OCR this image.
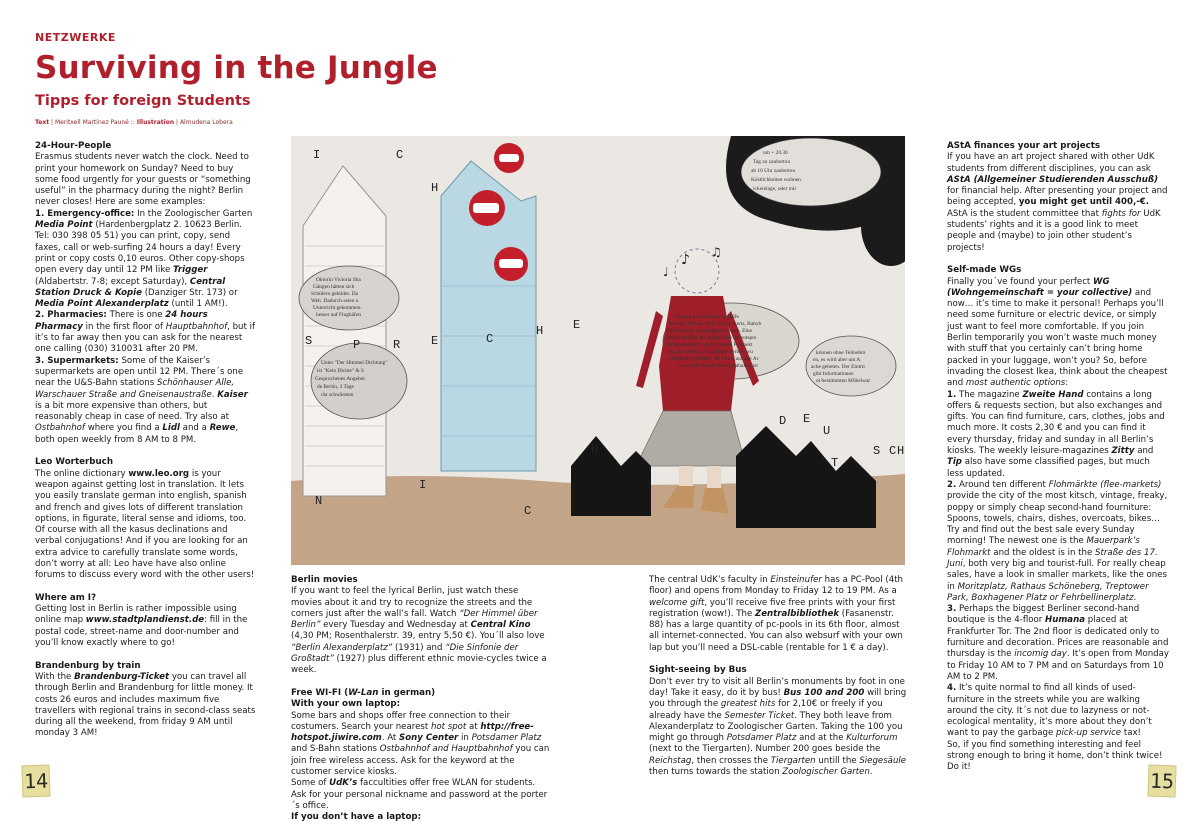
NETZWERKE
Surviving in the Jungle
Tipps for foreign Students
Text | Meritxell Martínez Pauné :: Illustration | Almudena Lobera
24-Hour-People

Erasmus students never watch the clock. Need to print your homework on Sunday? Need to buy some food urgently for your guests or “something useful” in the pharmacy during the night? Berlin never closes! Here are some examples:

1. Emergency-office: In the Zoologischer Garten Media Point (Hardenbergplatz 2. 10623 Berlin. Tel: 030 398 05 51) you can print, copy, send faxes, call or web-surfing 24 hours a day! Every print or copy costs 0,10 euros. Other copy-shops open every day until 12 PM like Trigger (Aldabertstr. 7-8; except Saturday), Central Station Druck & Kopie (Danziger Str. 173) or Media Point Alexanderplatz (until 1 AM!).

2. Pharmacies: There is one 24 hours Pharmacy in the first floor of Hauptbahnhof, but if it’s to far away then you can ask for the nearest one calling (030) 310031 after 20 PM.

3. Supermarkets: Some of the Kaiser’s supermarkets are open until 12 PM. There´s one near the U&S-Bahn stations Schönhauser Alle, Warschauer Straße and Gneisenaustraße. Kaiser is a bit more expensive than others, but reasonably cheap in case of need. Try also at Ostbahnhof where you find a Lidl and a Rewe, both open weekly from 8 AM to 8 PM.

Leo Worterbuch

The online dictionary www.leo.org is your weapon against getting lost in translation. It lets you easily translate german into english, spanish and french and gives lots of different translation options, in figurate, literal sense and idioms, too. Of course with all the kasus declinations and verbal conjugations! And if you are looking for an extra advice to carefully translate some words, don’t worry at all: Leo have have also online forums to discuss every word with the other users!

Where am I?

Getting lost in Berlin is rather impossible using online map www.stadtplandienst.de: fill in the postal code, street-name and door-number and you’ll know exactly where to go!

Brandenburg by train

With the Brandenburg-Ticket you can travel all through Berlin and Brandenburg for little money. It costs 26 euros and includes maximum five travellers with regional trains in second-class seats during all the weekend, from friday 9 AM until monday 3 AM!

♪ ♫
♩
I	C
H
S	P	R	E	C
H E
D E
U
T
S C H
N
I
C
H
Oktorin Victoria Sha
Gängen hätten sich
Schülern gebildet. Da
Weh. Dadurch seien u
Unterricht gekommen.
besser auf Flughäfen
um + 20.30
Tag zu zaubertou
ab 10 Uhr zaubertou
Köstlichkeiten wohnen
ickerelage, oder mit
sungen und Artikel von Hilfe
Jecotec, Stokke, Moll, Flexa, Aeris, Babyb
und Bebecar zu regulären Preisen. Eine
Übersicht über die Artikel und die entspre
Aktionszeitraum sind in einem Prospekt
ten, der bereits an Haushalte verteilt wu
Zusätzlich gewährt die Firma auf alle Ar
tern noch Rabatt bereits enthalten ist
können ohne Teilnehm
en, es wird aber um A
ache gebeten. Der Eintrit
gibt Informationen
ot bestimmten Möbelwar
Unter "Der Himmel Dichtung"
ist "Kein Dichte" & S
Gesprochenes Angebot
de Berlin, 2 Tage
ckt schwärmen
Berlin movies

If you want to feel the lyrical Berlin, just watch these movies about it and try to recognize the streets and the corners just after the wall’s fall. Watch “Der Himmel über Berlin” every Tuesday and Wednesday at Central Kino (4,30 PM; Rosenthalerstr. 39, entry 5,50 €). You´ll also love “Berlin Alexanderplatz” (1931) and “Die Sinfonie der Großtadt” (1927) plus different ethnic movie-cycles twice a week.

Free WI-FI (W-Lan in german)
With your own laptop:

Some bars and shops offer free connection to their costumers. Search your nearest hot spot at http://free-hotspot.jiwire.com. At Sony Center in Potsdamer Platz and S-Bahn stations Ostbahnhof and Hauptbahnhof you can join free wireless access. Ask for the keyword at the customer service kiosks.

Some of UdK’s faccultities offer free WLAN for students. Ask for your personal nickname and password at the porter´s office.

If you don’t have a laptop:

The central UdK’s faculty in Einsteinufer has a PC-Pool (4th floor) and opens from Monday to Friday 12 to 19 PM. As a welcome gift, you’ll receive five free prints with your first registration (wow!). The Zentralbibliothek (Fasanenstr. 88) has a large quantity of pc-pools in its 6th floor, almost all internet-connected. You can also websurf with your own lap but you’ll need a DSL-cable (rentable for 1 € a day).

Sight-seeing by Bus

Don’t ever try to visit all Berlin’s monuments by foot in one day! Take it easy, do it by bus! Bus 100 and 200 will bring you through the greatest hits for 2,10€ or freely if you already have the Semester Ticket. They both leave from Alexanderplatz to Zoologischer Garten. Taking the 100 you might go through Potsdamer Platz and at the Kulturforum (next to the Tiergarten). Number 200 goes beside the Reichstag, then crosses the Tiergarten untill the Siegesäule then turns towards the station Zoologischer Garten.

AStA finances your art projects

If you have an art project shared with other UdK students from different disciplines, you can ask AStA (Allgemeiner Studierenden Ausschuß) for financial help. After presenting your project and being accepted, you might get until 400,-€.

AStA is the student committee that fights for UdK students’ rights and it is a good link to meet people and (maybe) to join other student’s projects!

Self-made WGs

Finally you´ve found your perfect WG (Wohngemeinschaft = your collective) and now… it’s time to make it personal! Perhaps you’ll need some furniture or electric device, or simply just want to feel more comfortable. If you join Berlin temporarily you won’t waste much money with stuff that you certainly can’t bring home packed in your luggage, won’t you? So, before invading the closest Ikea, think about the cheapest and most authentic options:

1. The magazine Zweite Hand contains a long offers & requests section, but also exchanges and gifts. You can find furniture, cars, clothes, jobs and much more. It costs 2,30 € and you can find it every thursday, friday and sunday in all Berlin’s kiosks. The weekly leisure-magazines Zitty and Tip also have some classified pages, but much less updated.

2. Around ten different Flohmärkte (flee-markets) provide the city of the most kitsch, vintage, freaky, poppy or simply cheap second-hand fourniture: Spoons, towels, chairs, dishes, overcoats, bikes… Try and find out the best sale every Sunday morning! The newest one is the Mauerpark’s Flohmarkt and the oldest is in the Straße des 17. Juni, both very big and tourist-full. For really cheap sales, have a look in smaller markets, like the ones in Moritzplatz, Rathaus Schöneberg, Treptower Park, Boxhagener Platz or Fehrbellinerplatz.

3. Perhaps the biggest Berliner second-hand boutique is the 4-floor Humana placed at Frankfurter Tor. The 2nd floor is dedicated only to furniture and decoration. Prices are reasonable and thursday is the incomig day. It’s open from Monday to Friday 10 AM to 7 PM and on Saturdays from 10 AM to 2 PM.

4. It’s quite normal to find all kinds of used-furniture in the streets while you are walking around the city. It´s not due to lazyness or not-ecological mentality, it’s more about they don’t want to pay the garbage pick-up service tax!

So, if you find something interesting and feel strong enough to bring it home, don’t think twice! Do it!

14	15
